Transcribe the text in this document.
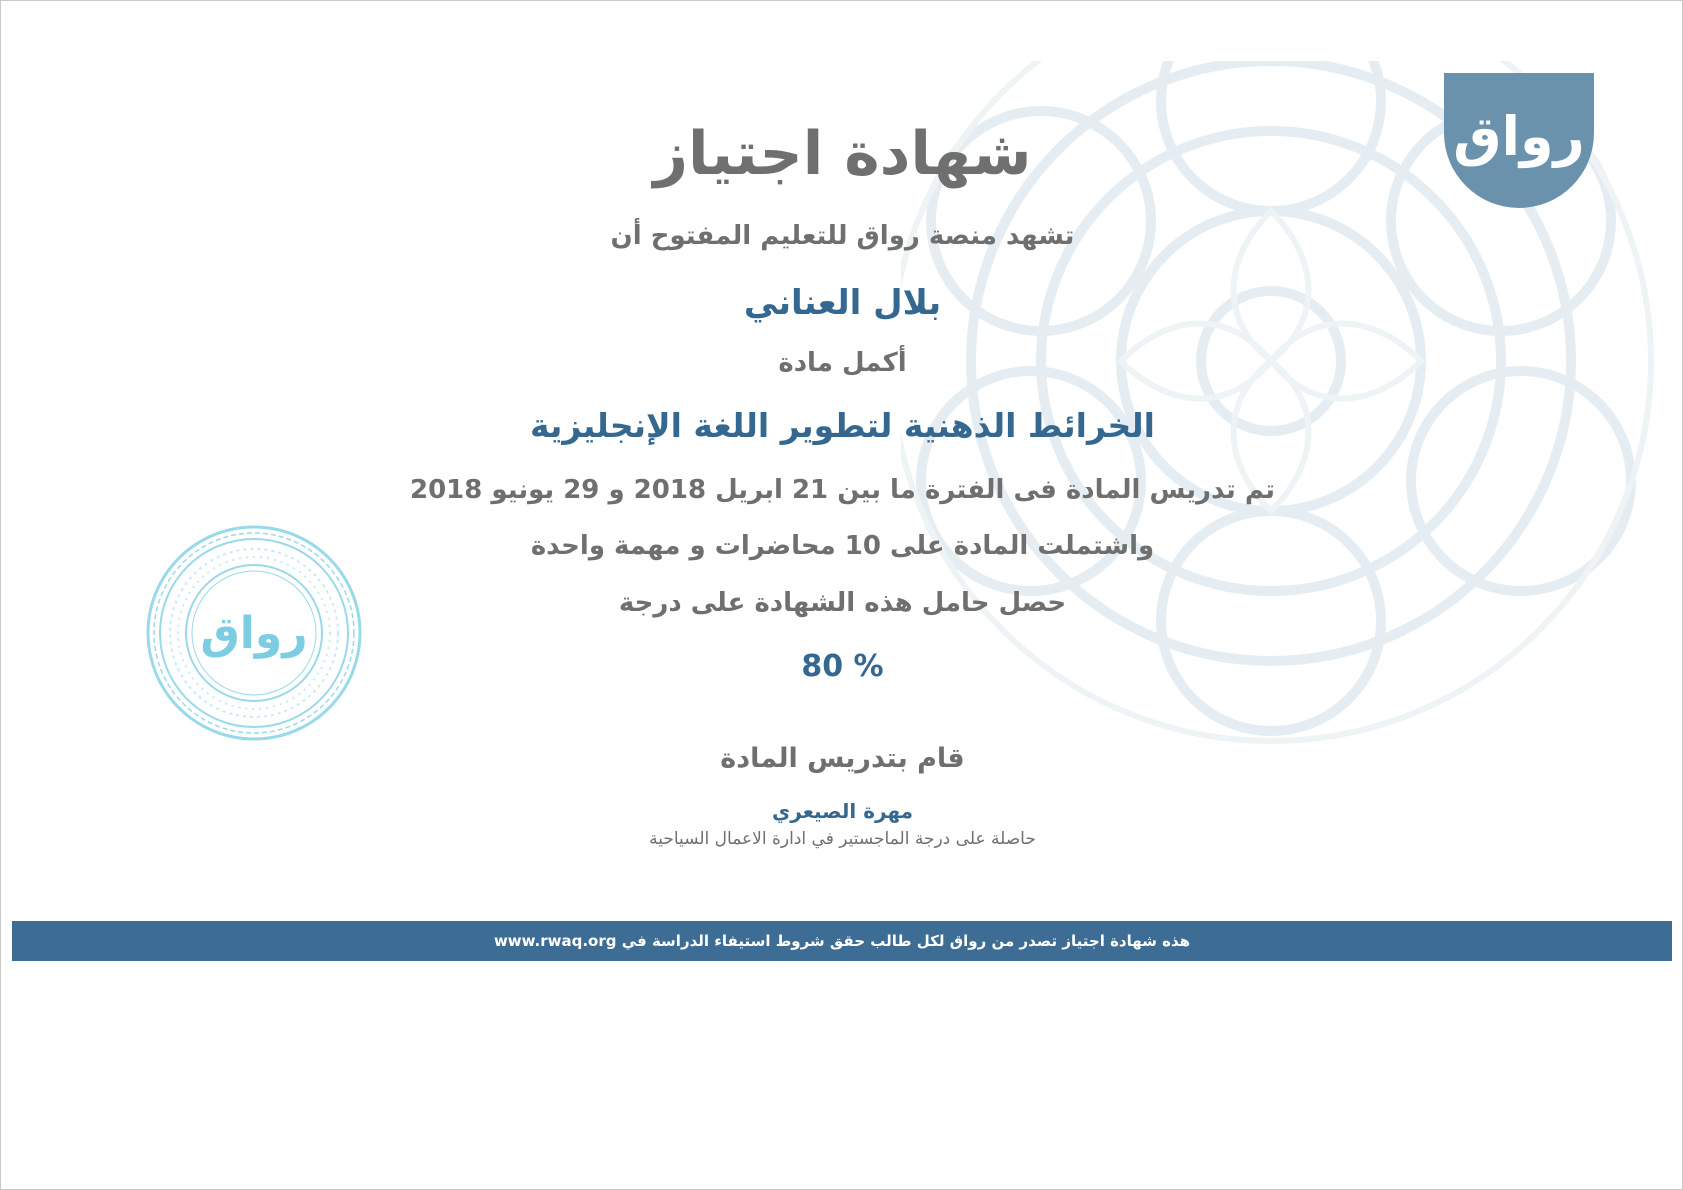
رواق
رواق
شهادة اجتياز
تشهد منصة رواق للتعليم المفتوح أن
بلال العناني
أكمل مادة
الخرائط الذهنية لتطوير اللغة الإنجليزية
تم تدريس المادة فى الفترة ما بين 21 ابريل 2018 و 29 يونيو 2018
واشتملت المادة على 10 محاضرات و مهمة واحدة
حصل حامل هذه الشهادة على درجة
% 80
قام بتدريس المادة
مهرة الصيعري
حاصلة على درجة الماجستير في ادارة الاعمال السياحية
هذه شهادة اجتياز تصدر من رواق لكل طالب حقق شروط استيفاء الدراسة في www.rwaq.org
